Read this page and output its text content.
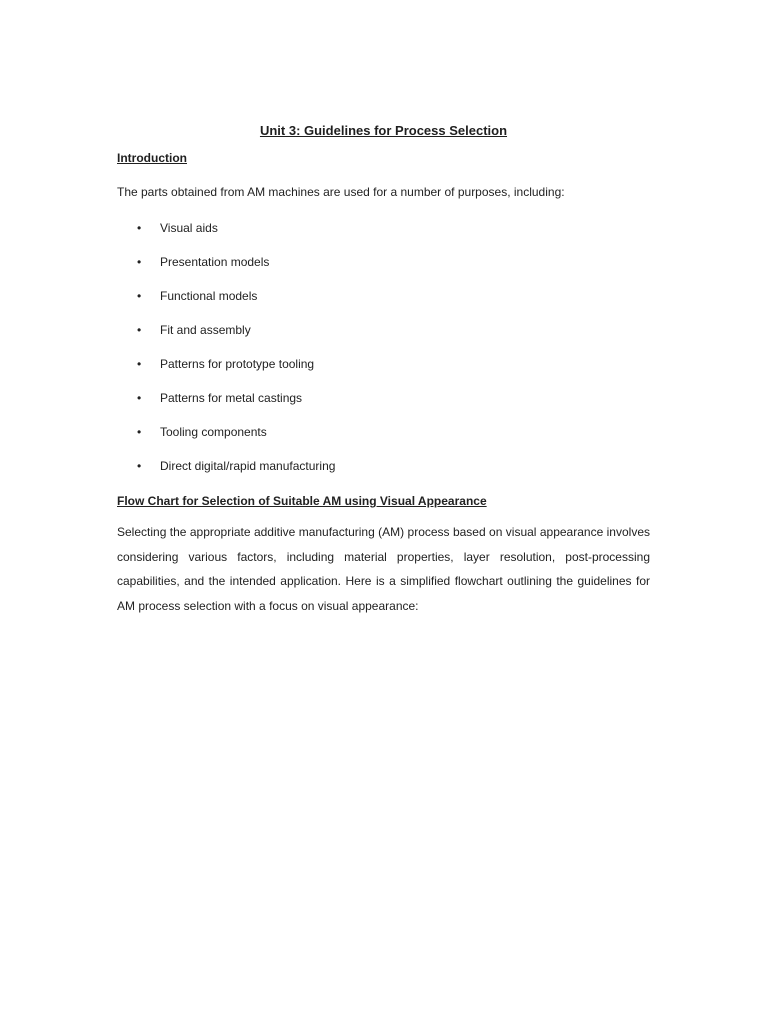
Unit 3: Guidelines for Process Selection
Introduction

The parts obtained from AM machines are used for a number of purposes, including:

• Visual aids
• Presentation models
• Functional models
• Fit and assembly
• Patterns for prototype tooling
• Patterns for metal castings
• Tooling components
• Direct digital/rapid manufacturing
Flow Chart for Selection of Suitable AM using Visual Appearance

Selecting the appropriate additive manufacturing (AM) process based on visual appearance involves considering various factors, including material properties, layer resolution, post-processing capabilities, and the intended application. Here is a simplified flowchart outlining the guidelines for AM process selection with a focus on visual appearance:
